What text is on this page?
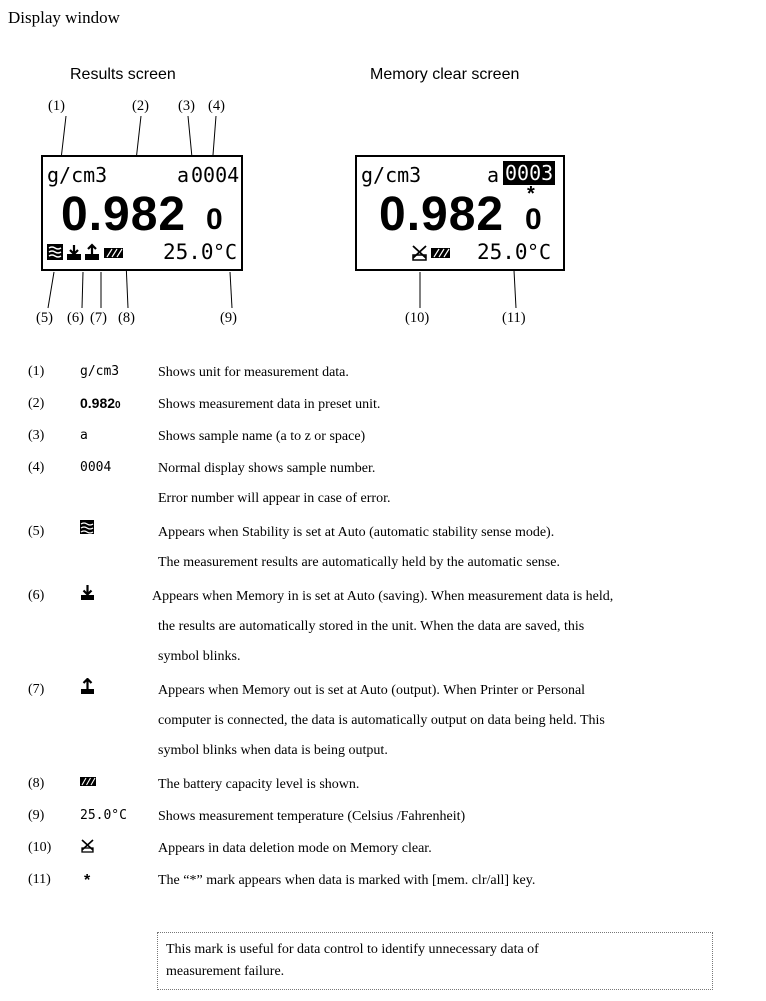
Display window
Results screen
(1)	(2) (3) (4)
g/cm3	a 0004
0.982 0
25.0 °C
(5) (6) (7) (8)	(9)
Memory clear screen
g/cm3	a 0003
0.982 *
0
25.0 °C
(10)	(11)
(1)	g/cm3	Shows unit for measurement data.
(2)	0.9820	Shows measurement data in preset unit.
(3)	a	Shows sample name (a to z or space)
(4)	0004	Normal display shows sample number.
Error number will appear in case of error.
(5)	Appears when Stability is set at Auto (automatic stability sense mode).
The measurement results are automatically held by the automatic sense.
(6)	Appears when Memory in is set at Auto (saving). When measurement data is held,
the results are automatically stored in the unit. When the data are saved, this
symbol blinks.
(7)	Appears when Memory out is set at Auto (output). When Printer or Personal
computer is connected, the data is automatically output on data being held. This
symbol blinks when data is being output.
(8)	The battery capacity level is shown.
(9)	25.0°C Shows measurement temperature (Celsius /Fahrenheit)
(10)	Appears in data deletion mode on Memory clear.
(11) *	The “*” mark appears when data is marked with [mem. clr/all] key.
This mark is useful for data control to identify unnecessary data of
measurement failure.
